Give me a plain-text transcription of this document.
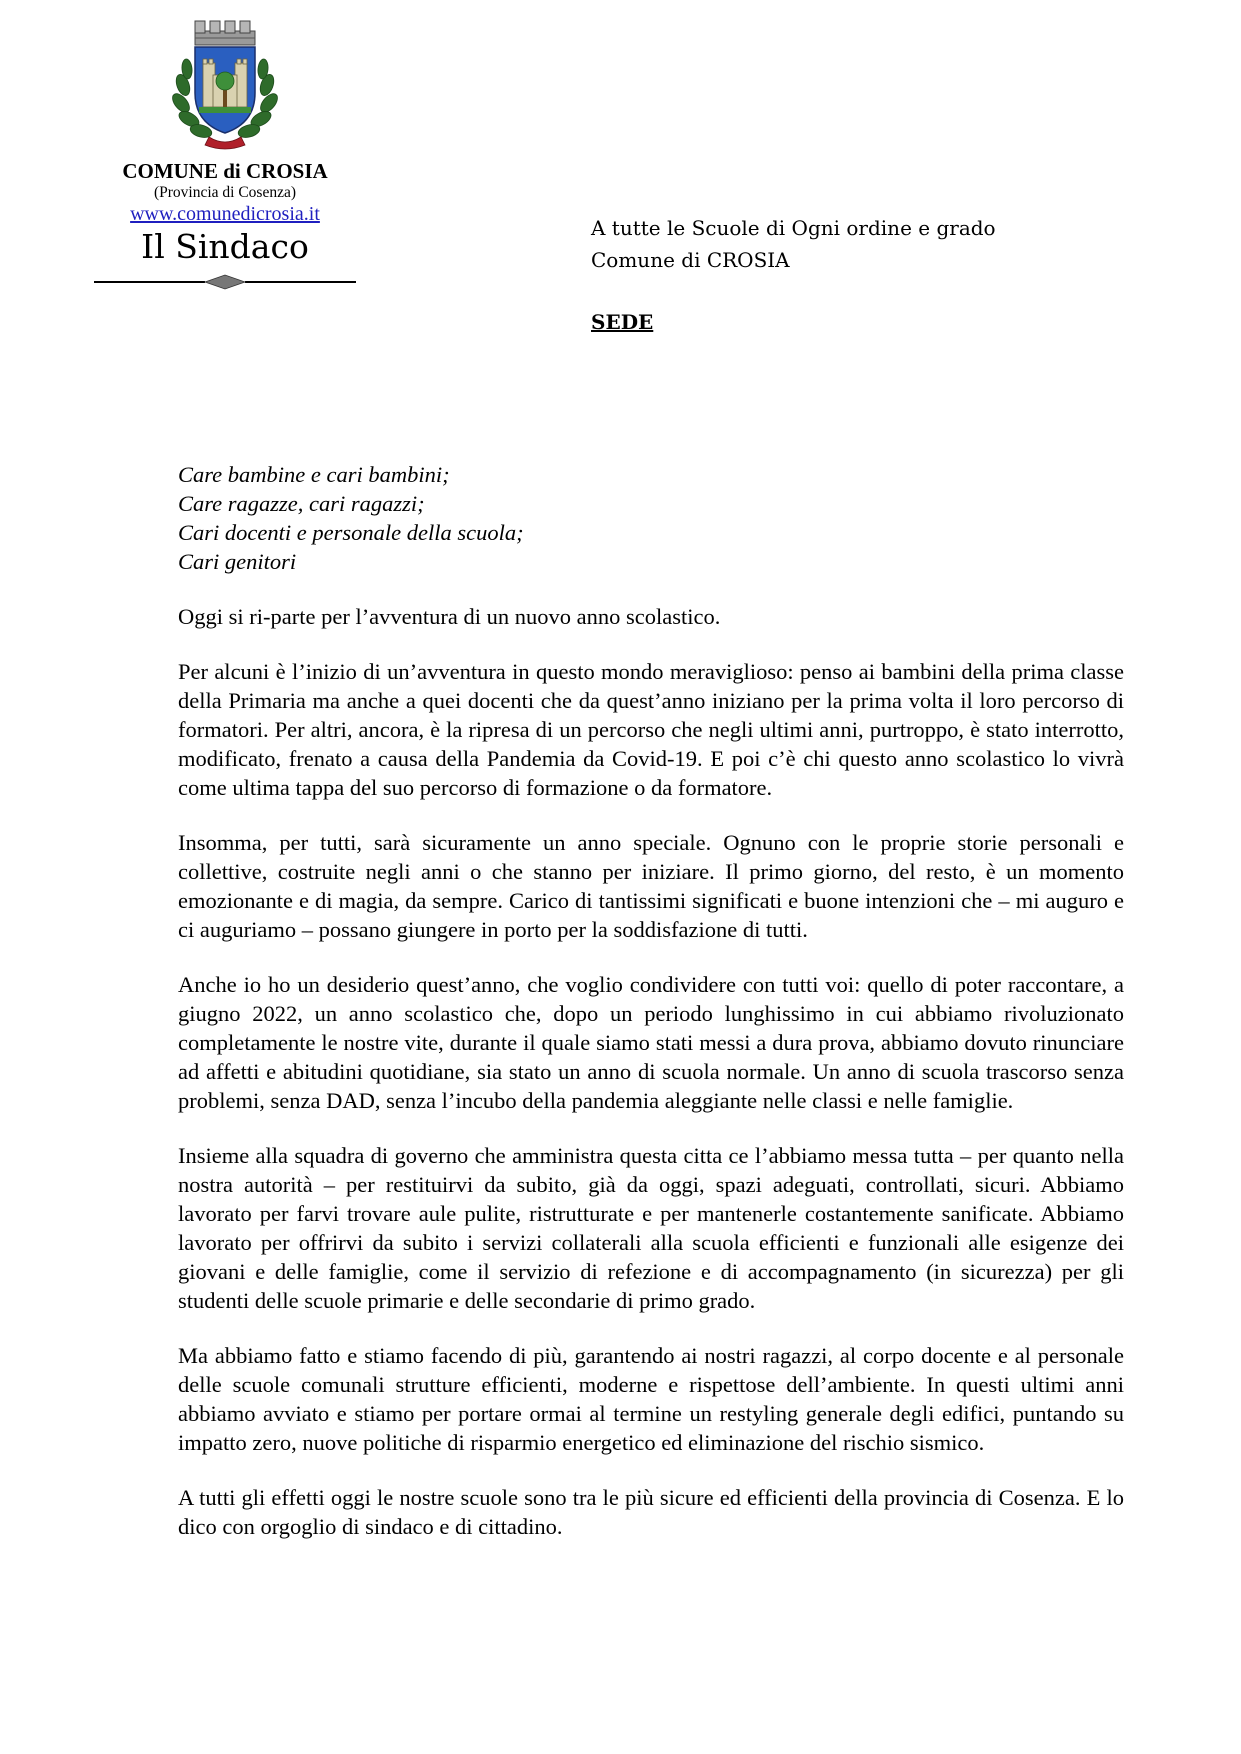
COMUNE di CROSIA
(Provincia di Cosenza)
www.comunedicrosia.it
Il Sindaco	A tutte le Scuole di Ogni ordine e grado
Comune di CROSIA
SEDE
Care bambine e cari bambini;
Care ragazze, cari ragazzi;
Cari docenti e personale della scuola;
Cari genitori

Oggi si ri-parte per l’avventura di un nuovo anno scolastico.

Per alcuni è l’inizio di un’avventura in questo mondo meraviglioso: penso ai bambini della prima classe della Primaria ma anche a quei docenti che da quest’anno iniziano per la prima volta il loro percorso di formatori. Per altri, ancora, è la ripresa di un percorso che negli ultimi anni, purtroppo, è stato interrotto, modificato, frenato a causa della Pandemia da Covid-19. E poi c’è chi questo anno scolastico lo vivrà come ultima tappa del suo percorso di formazione o da formatore.

Insomma, per tutti, sarà sicuramente un anno speciale. Ognuno con le proprie storie personali e collettive, costruite negli anni o che stanno per iniziare. Il primo giorno, del resto, è un momento emozionante e di magia, da sempre. Carico di tantissimi significati e buone intenzioni che – mi auguro e ci auguriamo – possano giungere in porto per la soddisfazione di tutti.

Anche io ho un desiderio quest’anno, che voglio condividere con tutti voi: quello di poter raccontare, a giugno 2022, un anno scolastico che, dopo un periodo lunghissimo in cui abbiamo rivoluzionato completamente le nostre vite, durante il quale siamo stati messi a dura prova, abbiamo dovuto rinunciare ad affetti e abitudini quotidiane, sia stato un anno di scuola normale. Un anno di scuola trascorso senza problemi, senza DAD, senza l’incubo della pandemia aleggiante nelle classi e nelle famiglie.

Insieme alla squadra di governo che amministra questa citta ce l’abbiamo messa tutta – per quanto nella nostra autorità – per restituirvi da subito, già da oggi, spazi adeguati, controllati, sicuri. Abbiamo lavorato per farvi trovare aule pulite, ristrutturate e per mantenerle costantemente sanificate. Abbiamo lavorato per offrirvi da subito i servizi collaterali alla scuola efficienti e funzionali alle esigenze dei giovani e delle famiglie, come il servizio di refezione e di accompagnamento (in sicurezza) per gli studenti delle scuole primarie e delle secondarie di primo grado.

Ma abbiamo fatto e stiamo facendo di più, garantendo ai nostri ragazzi, al corpo docente e al personale delle scuole comunali strutture efficienti, moderne e rispettose dell’ambiente. In questi ultimi anni abbiamo avviato e stiamo per portare ormai al termine un restyling generale degli edifici, puntando su impatto zero, nuove politiche di risparmio energetico ed eliminazione del rischio sismico.

A tutti gli effetti oggi le nostre scuole sono tra le più sicure ed efficienti della provincia di Cosenza. E lo dico con orgoglio di sindaco e di cittadino.
